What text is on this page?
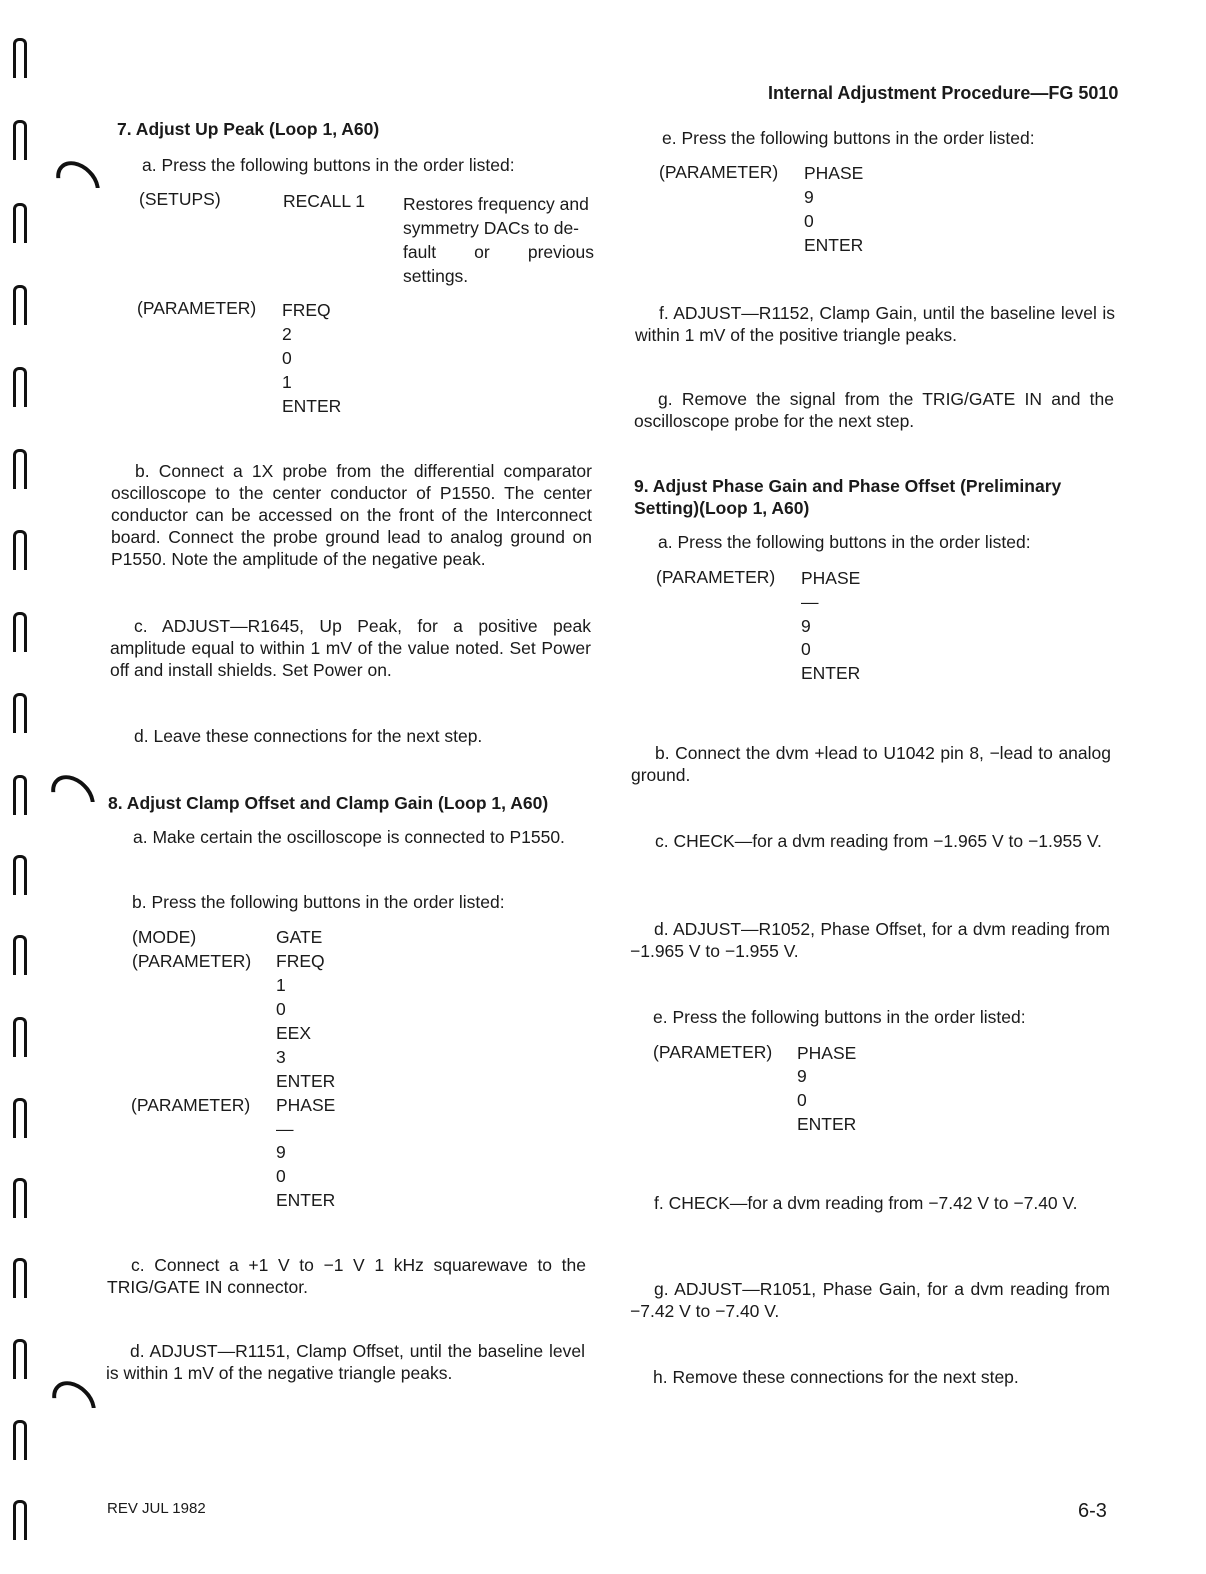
Internal Adjustment Procedure—FG 5010
7. Adjust Up Peak (Loop 1, A60)
a. Press the following buttons in the order listed:
(SETUPS)	RECALL 1 Restores frequency and
symmetry DACs to de-
fault or previous
settings.
(PARAMETER) FREQ
2
0
1
ENTER
b. Connect a 1X probe from the differential comparator oscilloscope to the center conductor of P1550. The center conductor can be accessed on the front of the Interconnect board. Connect the probe ground lead to analog ground on P1550. Note the amplitude of the negative peak.
c. ADJUST—R1645, Up Peak, for a positive peak amplitude equal to within 1 mV of the value noted. Set Power off and install shields. Set Power on.
d. Leave these connections for the next step.
8. Adjust Clamp Offset and Clamp Gain (Loop 1, A60)
a. Make certain the oscilloscope is connected to P1550.
b. Press the following buttons in the order listed:
(MODE)
(PARAMETER)
(PARAMETER)
GATE
FREQ
1
0
EEX
3
ENTER
PHASE
—
9
0
ENTER
c. Connect a +1 V to −1 V 1 kHz squarewave to the TRIG/GATE IN connector.
d. ADJUST—R1151, Clamp Offset, until the baseline level is within 1 mV of the negative triangle peaks.
e. Press the following buttons in the order listed:
(PARAMETER) PHASE
9
0
ENTER
f. ADJUST—R1152, Clamp Gain, until the baseline level is within 1 mV of the positive triangle peaks.
g. Remove the signal from the TRIG/GATE IN and the oscilloscope probe for the next step.
9. Adjust Phase Gain and Phase Offset (Preliminary Setting)(Loop 1, A60)
a. Press the following buttons in the order listed:
(PARAMETER) PHASE
—
9
0
ENTER
b. Connect the dvm +lead to U1042 pin 8, −lead to analog ground.
c. CHECK—for a dvm reading from −1.965 V to −1.955 V.
d. ADJUST—R1052, Phase Offset, for a dvm reading from −1.965 V to −1.955 V.
e. Press the following buttons in the order listed:
(PARAMETER) PHASE
9
0
ENTER
f. CHECK—for a dvm reading from −7.42 V to −7.40 V.
g. ADJUST—R1051, Phase Gain, for a dvm reading from −7.42 V to −7.40 V.
h. Remove these connections for the next step.
REV JUL 1982	6-3
